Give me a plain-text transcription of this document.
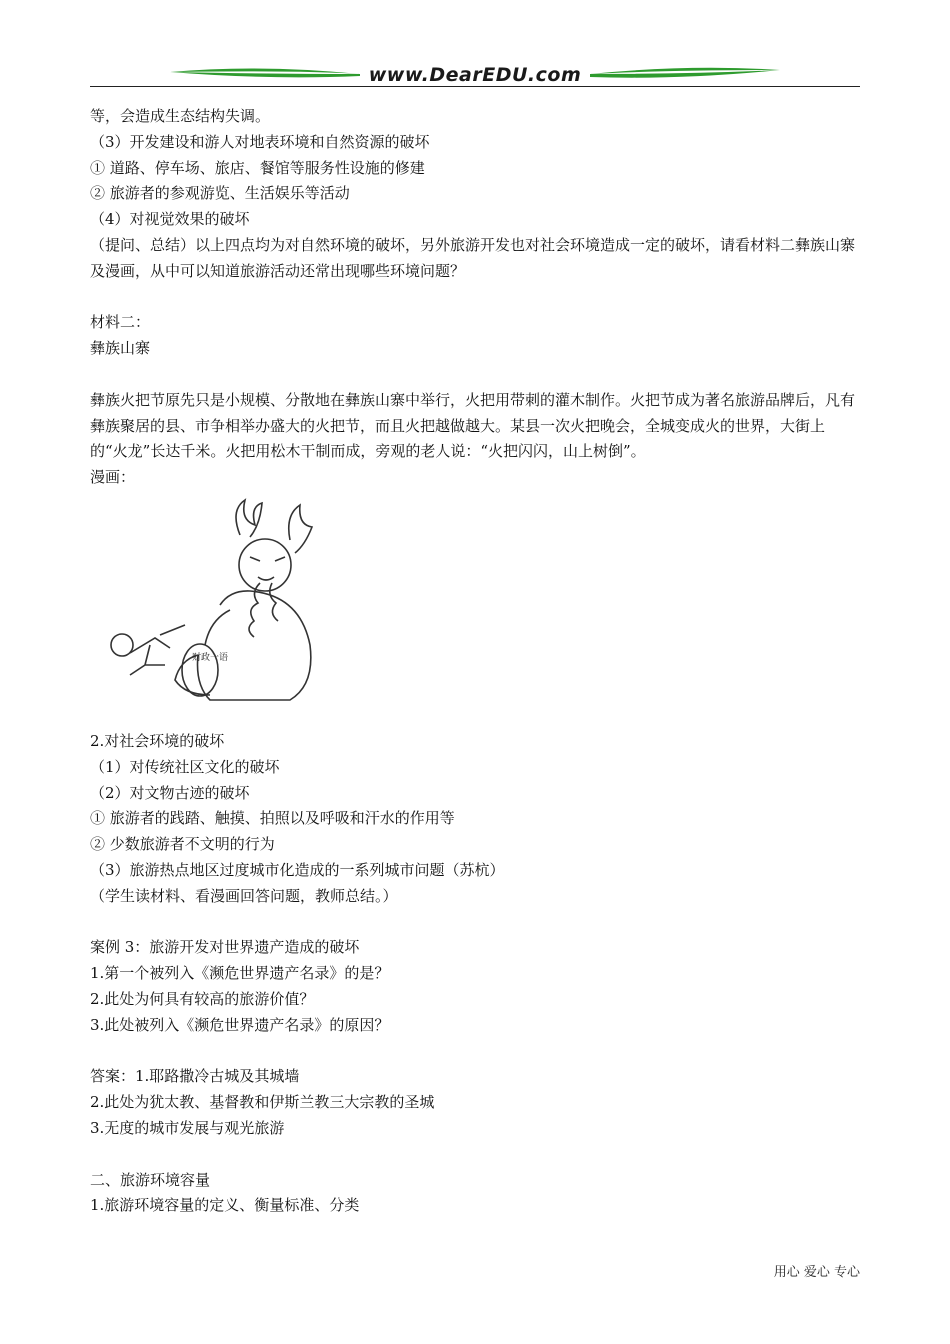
www.DearEDU.com

等，会造成生态结构失调。

（3）开发建设和游人对地表环境和自然资源的破坏

① 道路、停车场、旅店、餐馆等服务性设施的修建

② 旅游者的参观游览、生活娱乐等活动

（4）对视觉效果的破坏

（提问、总结）以上四点均为对自然环境的破坏，另外旅游开发也对社会环境造成一定的破坏，请看材料二彝族山寨及漫画，从中可以知道旅游活动还常出现哪些环境问题？

材料二：

彝族山寨

彝族火把节原先只是小规模、分散地在彝族山寨中举行，火把用带刺的灌木制作。火把节成为著名旅游品牌后，凡有彝族聚居的县、市争相举办盛大的火把节，而且火把越做越大。某县一次火把晚会，全城变成火的世界，大街上的“火龙”长达千米。火把用松木干制而成，旁观的老人说：“火把闪闪，山上树倒”。

漫画：

财政一语

2.对社会环境的破坏

（1）对传统社区文化的破坏

（2）对文物古迹的破坏

① 旅游者的践踏、触摸、拍照以及呼吸和汗水的作用等

② 少数旅游者不文明的行为

（3）旅游热点地区过度城市化造成的一系列城市问题（苏杭）

（学生读材料、看漫画回答问题，教师总结。）

案例 3：旅游开发对世界遗产造成的破坏

1.第一个被列入《濒危世界遗产名录》的是？

2.此处为何具有较高的旅游价值？

3.此处被列入《濒危世界遗产名录》的原因？

答案：1.耶路撒冷古城及其城墙

2.此处为犹太教、基督教和伊斯兰教三大宗教的圣城

3.无度的城市发展与观光旅游

二、旅游环境容量

1.旅游环境容量的定义、衡量标准、分类

用心 爱心 专心
